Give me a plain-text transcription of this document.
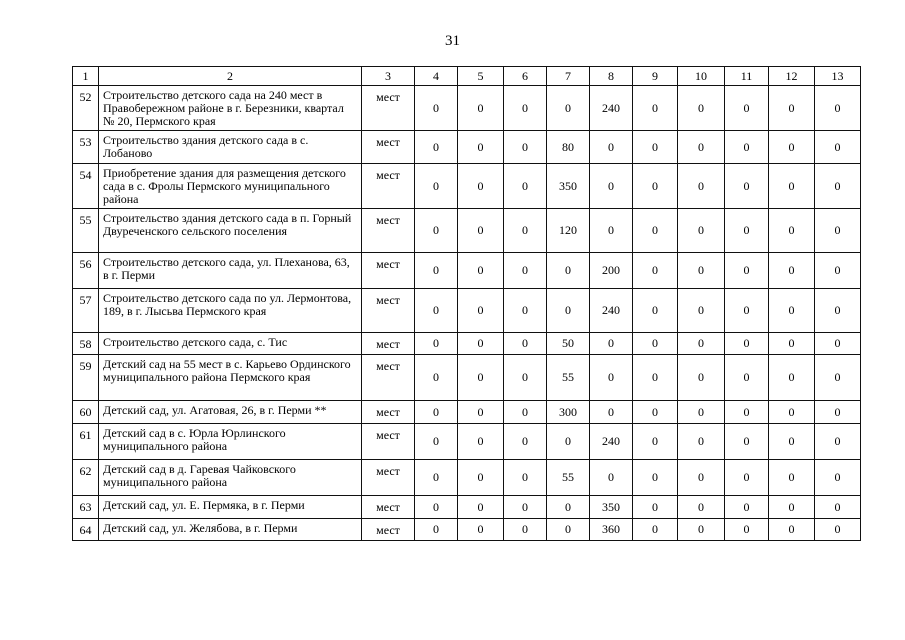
31
1	2	3	4	5	6	7	8	9	10	11	12	13
52	Строительство детского сада на 240 мест в Правобережном районе в г. Березники, квартал № 20, Пермского края	мест	0	0	0	0	240	0	0	0	0	0
53	Строительство здания детского сада в с. Лобаново	мест	0	0	0	80	0	0	0	0	0	0
54	Приобретение здания для размещения детского сада в с. Фролы Пермского муниципального района	мест	0	0	0	350	0	0	0	0	0	0
55	Строительство здания детского сада в п. Горный Двуреченского сельского поселения	мест	0	0	0	120	0	0	0	0	0	0
56	Строительство детского сада, ул. Плеханова, 63, в г. Перми	мест	0	0	0	0	200	0	0	0	0	0
57	Строительство детского сада по ул. Лермонтова, 189, в г. Лысьва Пермского края	мест	0	0	0	0	240	0	0	0	0	0
58	Строительство детского сада, с. Тис	мест	0	0	0	50	0	0	0	0	0	0
59	Детский сад на 55 мест в с. Карьево Ординского муниципального района Пермского края	мест	0	0	0	55	0	0	0	0	0	0
60	Детский сад, ул. Агатовая, 26, в г. Перми **	мест	0	0	0	300	0	0	0	0	0	0
61	Детский сад в с. Юрла Юрлинского муниципального района	мест	0	0	0	0	240	0	0	0	0	0
62	Детский сад в д. Гаревая Чайковского муниципального района	мест	0	0	0	55	0	0	0	0	0	0
63	Детский сад, ул. Е. Пермяка, в г. Перми	мест	0	0	0	0	350	0	0	0	0	0
64	Детский сад, ул. Желябова, в г. Перми	мест	0	0	0	0	360	0	0	0	0	0
